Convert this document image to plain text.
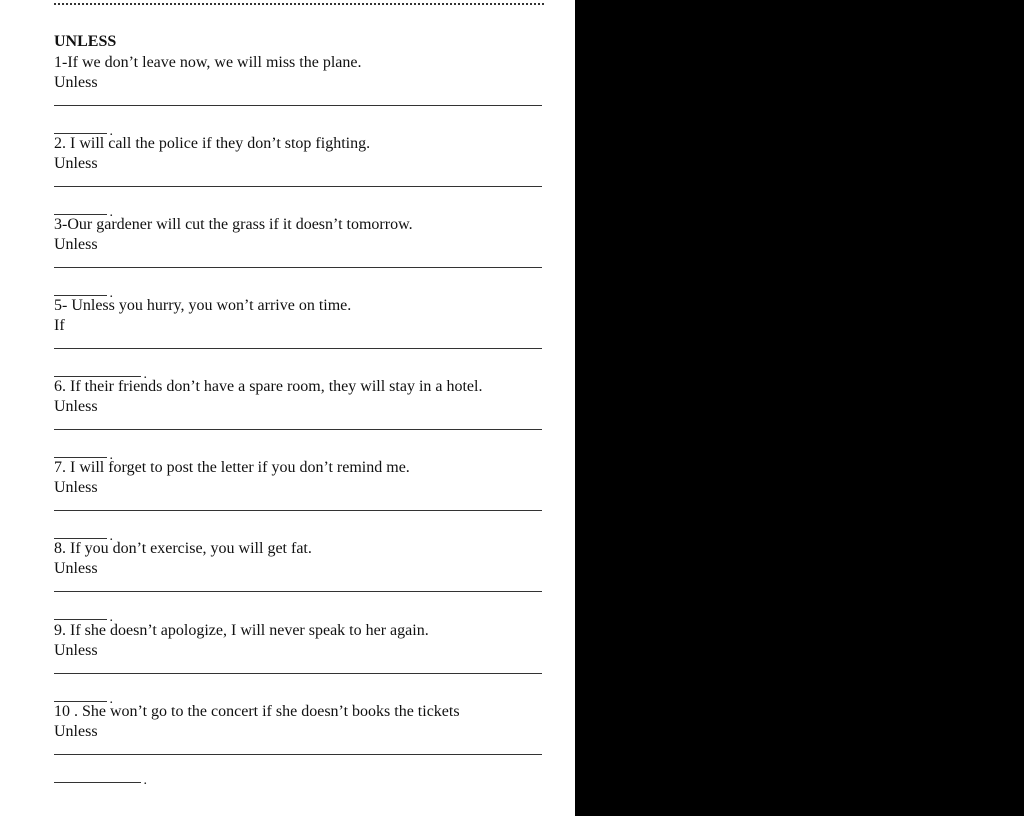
UNLESS
1-If we don’t leave now, we will miss the plane.
Unless
.
2. I will call the police if they don’t stop fighting.
Unless
.
3-Our gardener will cut the grass if it doesn’t tomorrow.
Unless
.
5- Unless you hurry, you won’t arrive on time.
If
.
6. If their friends don’t have a spare room, they will stay in a hotel.
Unless
.
7. I will forget to post the letter if you don’t remind me.
Unless
.
8. If you don’t exercise, you will get fat.
Unless
.
9. If she doesn’t apologize, I will never speak to her again.
Unless
.
10 . She won’t go to the concert if she doesn’t books the tickets
Unless
.
